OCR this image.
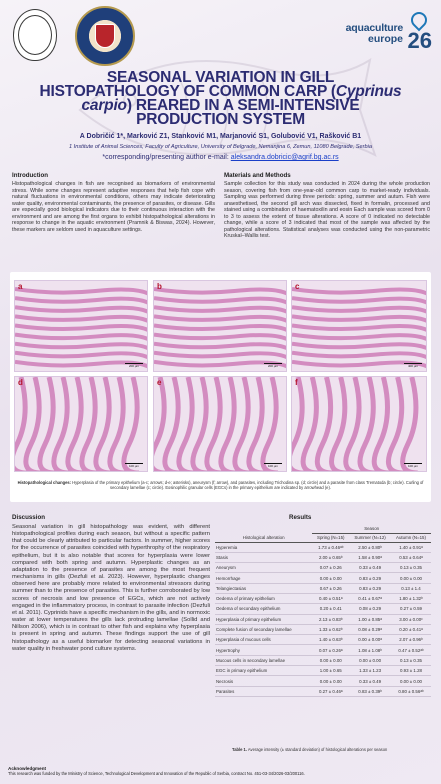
aquaculture
europe 26
SEASONAL VARIATION IN GILL
HISTOPATHOLOGY OF COMMON CARP (Cyprinus
carpio) REARED IN A SEMI-INTENSIVE
PRODUCTION SYSTEM
A Dobričić 1*, Marković Z1, Stanković M1, Marjanović S1, Golubović V1, Rašković B1
1 Institute of Animal Sciences, Faculty of Agriculture, University of Belgrade, Nemanjina 6, Zemun, 11080 Belgrade, Serbia
*corresponding/presenting author e-mail: aleksandra.dobricic@agrif.bg.ac.rs
Introduction
Histopathological changes in fish are recognised as biomarkers of environmental stress. While some changes represent adaptive responses that help fish cope with natural fluctuations in environmental conditions, others may indicate deteriorating water quality, environmental contaminants, the presence of parasites, or disease. Gills are especially good biological indicators due to their continuous interaction with the environment and are among the first organs to exhibit histopathological alterations in response to change in the aquatic environment (Pramnik & Biswas, 2024). However, these markers are seldom used in aquaculture settings.
Materials and Methods
Sample collection for this study was conducted in 2024 during the whole production season, covering fish from one-year-old common carp to market-ready individuals. Sampling was performed during three periods: spring, summer and autum. Fish were anaesthetised, the second gill arch was dissected, fixed in formalin, processed and stained using a combination of haematoxilin and eosin Each sample was scored from 0 to 3 to assess the extent of tissue alterations. A score of 0 indicated no detectable change, while a score of 3 indicated that most of the sample was affected by the pathological alterations. Statistical analyses was conducted using the non-parametric Kruskal–Wallis test.
a
200 µm
b
200 µm
c
400 µm
d
100 µm
e
100 µm
f
100 µm
Histopathological changes: Hyperplasia of the primary epithelium (a-c; arrows; d-e; asterisks), aneurysm (f; arrow), and parasites, including Trichodina sp. (d; circle) and a parasite from class Trematoda (b; circle). Curling of secondary lamellae (c; circle). Eosinophilic granular cells (EGCs) in the primary epithelium are indicated by arrowhead (e).
Discussion
Seasonal variation in gill histopathology was evident, with different histopathological profiles during each season, but without a specific pattern that could be clearly attributed to particular factors. In summer, higher scores for the occurrence of parasites coincided with hyperthrophy of the respiratory epithelium, but it is also notable that scores for hyperplasia were lower compared with both spring and autumn. Hyperplastic changes as an adaptation to the presence of parasites are among the most frequent mechanisms in gills (Dezfuli et al. 2023). However, hyperplastic changes observed here are probably more related to environmental stressors during summer than to the presence of parasites. This is further corroborated by low scores of necrosis and low presence of EGCs, which are not actively engaged in the inflammatory process, in contrast to parasite infection (Dezfuli et al. 2011). Cyprinids have a specific mechanism in the gills, and in normoxic water at lower temperatures the gills lack protruding lamellae (Sollid and Nillson 2006), which is in contrast to other fish and explains why hyperplasia is present in spring and autumn. These findings support the use of gill histopathology as a useful biomarker for detecting seasonal variations in water quality in freshwater pond culture systems.
Results
	Season		
Histological alteration	Spring (N=15)	Summer (N=12)	Autumn (N=15)
Hyperemia	1.73 ± 0.46ᵃᵇ	2.50 ± 0.80ᵇ	1.40 ± 0.91ᵃ
Stasis	2.00 ± 0.65ᵇ	1.58 ± 0.90ᵃ	0.53 ± 0.64ᵃ
Aneurysm	0.07 ± 0.26	0.33 ± 0.49	0.13 ± 0.35
Hemorrhage	0.00 ± 0.00	0.83 ± 0.29	0.00 ± 0.00
Telangiectasias	0.67 ± 0.26	0.83 ± 0.29	0.13 ± 1.4
Oedema of primary epithelium	0.40 ± 0.51ᵃ	0.41 ± 0.67ᵃ	1.80 ± 1.32ᵇ
Oedema of secondary epithelium	0.20 ± 0.41	0.08 ± 0.29	0.27 ± 0.59
Hyperplasia of primary epithelium	2.13 ± 0.83ᵇ	1.00 ± 0.85ᵃ	3.00 ± 0.00ᶜ
Complete fusion of secondary lamellae	1.33 ± 0.62ᵇ	0.08 ± 0.29ᵃ	0.20 ± 0.41ᵃ
Hyperplasia of mucous cells	1.40 ± 0.63ᵇ	0.00 ± 0.00ᵃ	2.07 ± 0.96ᵇ
Hypertrophy	0.07 ± 0.26ᵃ	1.08 ± 1.08ᵇ	0.47 ± 0.52ᵃᵇ
Mucous cells in secondary lamellae	0.00 ± 0.00	0.00 ± 0.00	0.13 ± 0.35
EGC in primary epithelium	1.00 ± 0.65	1.33 ± 1.23	0.93 ± 1.28
Necrosis	0.00 ± 0.00	0.33 ± 0.49	0.00 ± 0.00
Parasites	0.27 ± 0.46ᵃ	0.83 ± 0.39ᵇ	0.80 ± 0.56ᵃᵇ
Table 1. Average intensity (± standard deviation) of histological alterations per season
Acknowledgment
This research was funded by the Ministry of Science, Technological Development and Innovation of the Republic of Serbia, contract No. 451-03-34/2026-03/200116.
